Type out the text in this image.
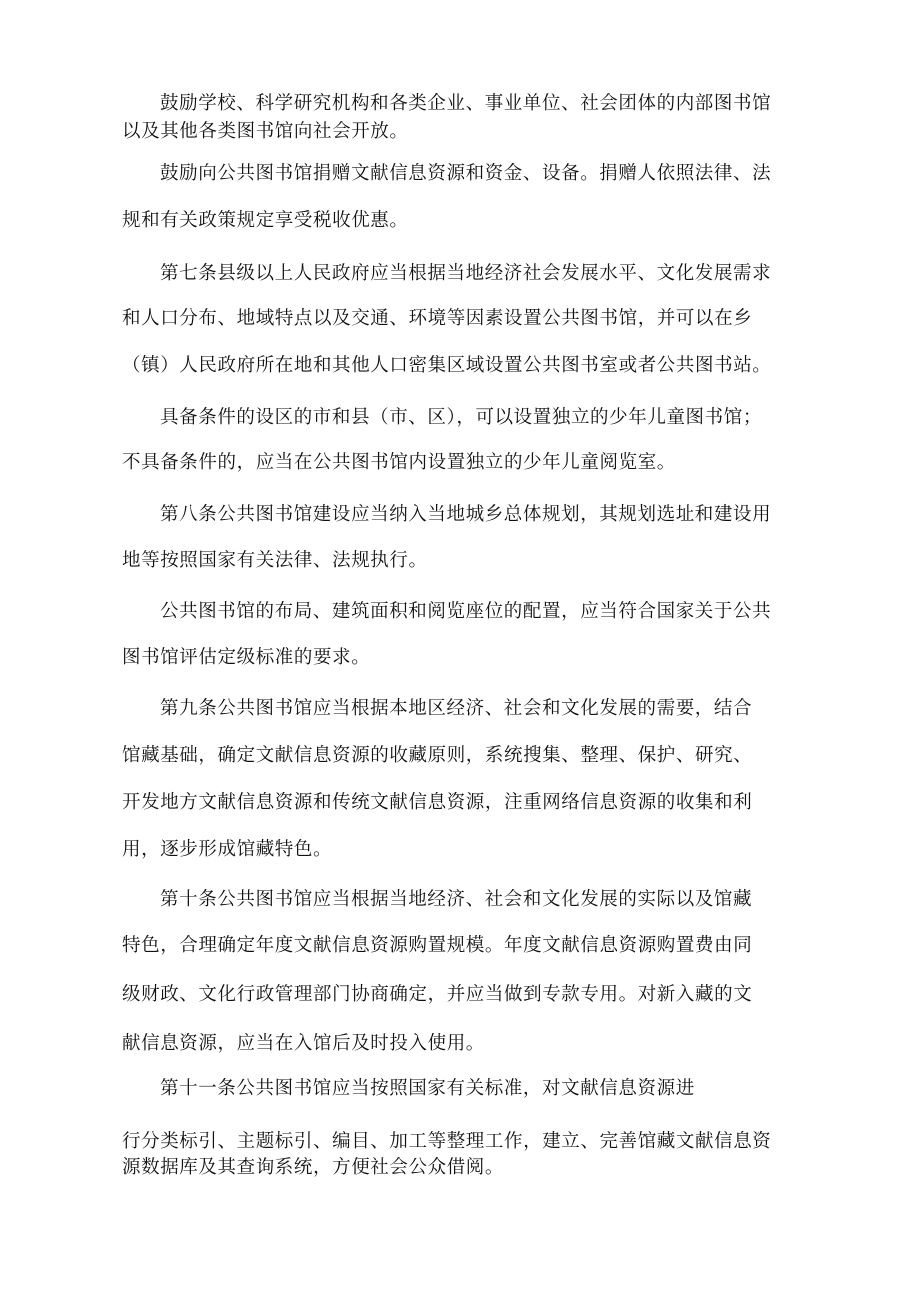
鼓励学校、科学研究机构和各类企业、事业单位、社会团体的内部图书馆
以及其他各类图书馆向社会开放。
鼓励向公共图书馆捐赠文献信息资源和资金、设备。捐赠人依照法律、法
规和有关政策规定享受税收优惠。
第七条县级以上人民政府应当根据当地经济社会发展水平、文化发展需求
和人口分布、地域特点以及交通、环境等因素设置公共图书馆，并可以在乡
（镇）人民政府所在地和其他人口密集区域设置公共图书室或者公共图书站。
具备条件的设区的市和县（市、区），可以设置独立的少年儿童图书馆；
不具备条件的，应当在公共图书馆内设置独立的少年儿童阅览室。
第八条公共图书馆建设应当纳入当地城乡总体规划，其规划选址和建设用
地等按照国家有关法律、法规执行。
公共图书馆的布局、建筑面积和阅览座位的配置，应当符合国家关于公共
图书馆评估定级标准的要求。
第九条公共图书馆应当根据本地区经济、社会和文化发展的需要，结合
馆藏基础，确定文献信息资源的收藏原则，系统搜集、整理、保护、研究、
开发地方文献信息资源和传统文献信息资源，注重网络信息资源的收集和利
用，逐步形成馆藏特色。
第十条公共图书馆应当根据当地经济、社会和文化发展的实际以及馆藏
特色，合理确定年度文献信息资源购置规模。年度文献信息资源购置费由同
级财政、文化行政管理部门协商确定，并应当做到专款专用。对新入藏的文
献信息资源，应当在入馆后及时投入使用。
第十一条公共图书馆应当按照国家有关标准，对文献信息资源进
行分类标引、主题标引、编目、加工等整理工作，建立、完善馆藏文献信息资
源数据库及其查询系统，方便社会公众借阅。
